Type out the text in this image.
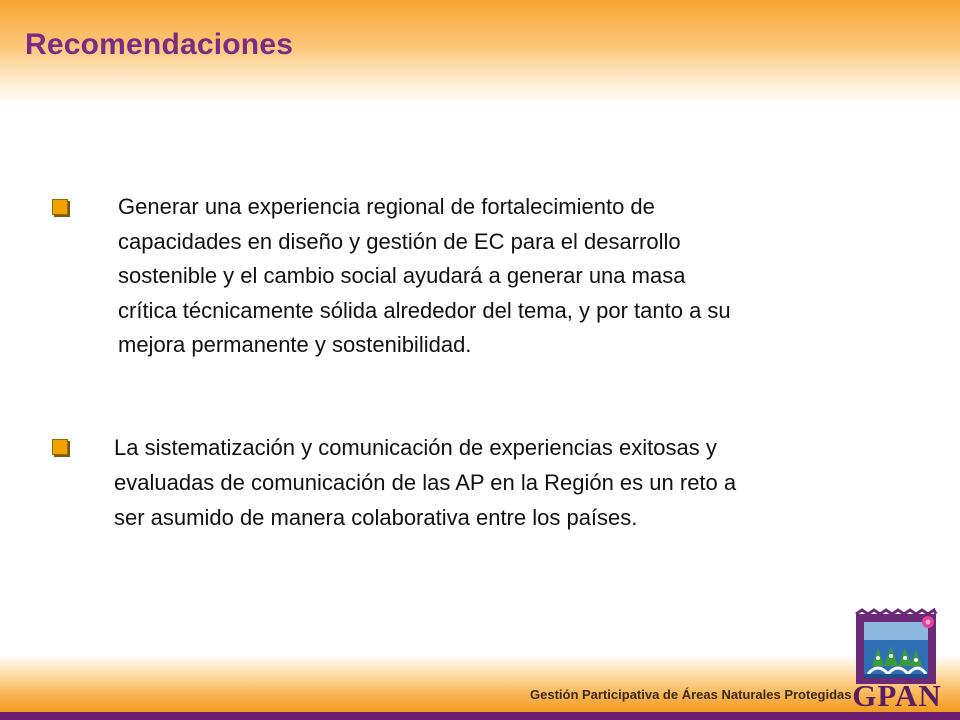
Recomendaciones
Generar una experiencia regional de fortalecimiento de
capacidades en diseño y gestión de EC para el desarrollo
sostenible y el cambio social ayudará a generar una masa
crítica técnicamente sólida alrededor del tema, y por tanto a su
mejora permanente y sostenibilidad.
La sistematización y comunicación de experiencias exitosas y
evaluadas de comunicación de las AP en la Región es un reto a
ser asumido de manera colaborativa entre los países.
Gestión Participativa de Áreas Naturales Protegidas GPAN
